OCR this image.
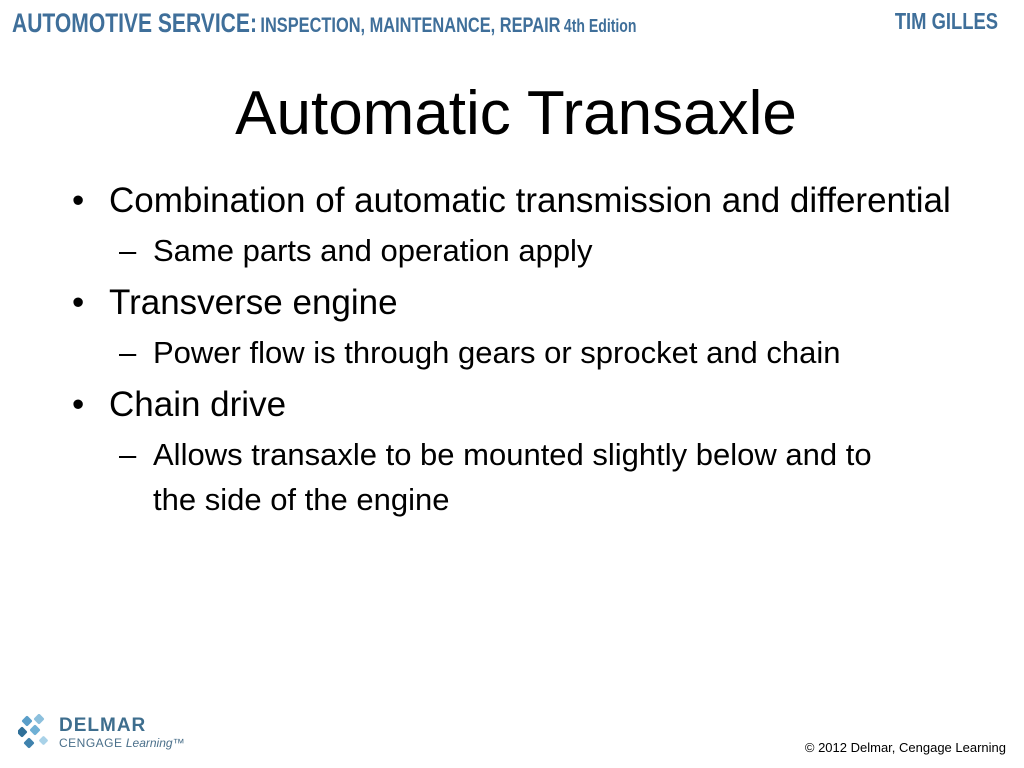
AUTOMOTIVE SERVICE: INSPECTION, MAINTENANCE, REPAIR 4th Edition	TIM GILLES
Automatic Transaxle
• Combination of automatic transmission and differential
– Same parts and operation apply
• Transverse engine
– Power flow is through gears or sprocket and chain
• Chain drive
– Allows transaxle to be mounted slightly below and to the side of the engine
DELMAR
CENGAGE Learning™	© 2012 Delmar, Cengage Learning
